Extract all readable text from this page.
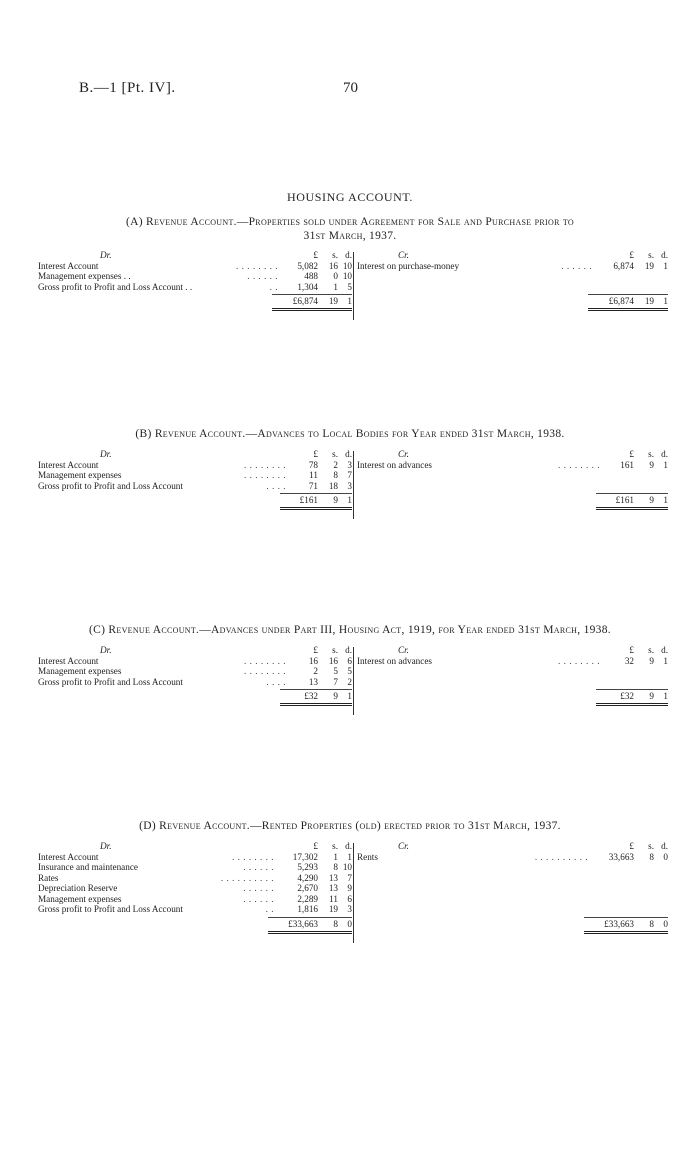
B.—1 [Pt. IV].	70
HOUSING ACCOUNT.
(A) Revenue Account.—Properties sold under Agreement for Sale and Purchase prior to
31st March, 1937.
(B) Revenue Account.—Advances to Local Bodies for Year ended 31st March, 1938.
(C) Revenue Account.—Advances under Part III, Housing Act, 1919, for Year ended 31st March, 1938.
(D) Revenue Account.—Rented Properties (old) erected prior to 31st March, 1937.
Dr.	£	s. d.
Interest Account	. . . . . . . .	5,082	16 10
Management expenses . .	. . . . . .	488	0 10
Gross profit to Profit and Loss Account . .	. .	1,304	1	5
£6,874	19	1
Cr.	£	s. d.
Interest on purchase-money	. . . . . .	6,874	19	1
£6,874	19	1
Dr.	£	s. d.
Interest Account	. . . . . . . .	78	2	3
Management expenses	. . . . . . . .	11	8	7
Gross profit to Profit and Loss Account	. . . .	71	18	3
£161	9	1
Cr.	£	s. d.
Interest on advances	. . . . . . . .	161	9	1
£161	9	1
Dr.	£	s. d.
Interest Account	. . . . . . . .	16	16	6
Management expenses	. . . . . . . .	2	5	5
Gross profit to Profit and Loss Account	. . . .	13	7	2
£32	9	1
Cr.	£	s. d.
Interest on advances	. . . . . . . .	32	9	1
£32	9	1
Dr.	£	s. d.
Interest Account	. . . . . . . .	17,302	1	1
Insurance and maintenance	. . . . . .	5,293	8 10
Rates	. . . . . . . . . .	4,290	13	7
Depreciation Reserve	. . . . . .	2,670	13	9
Management expenses	. . . . . .	2,289	11	6
Gross profit to Profit and Loss Account	. .	1,816	19	3
£33,663	8	0
Cr.	£	s. d.
Rents	. . . . . . . . . .	33,663	8	0
£33,663	8	0
